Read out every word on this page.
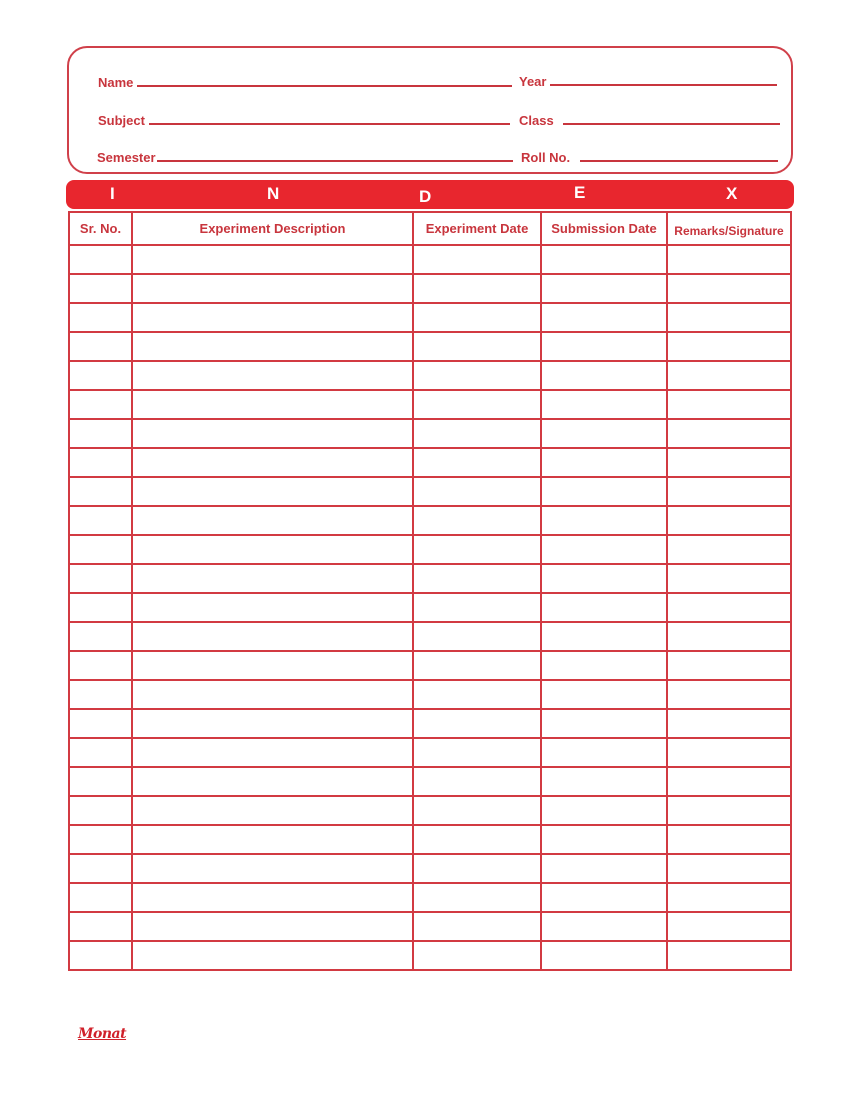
Name	Year
Subject	Class
Semester	Roll No.
I	N	D	E	X
Sr. No.	Experiment Description	Experiment Date	Submission Date	Remarks/Signature

Monat
